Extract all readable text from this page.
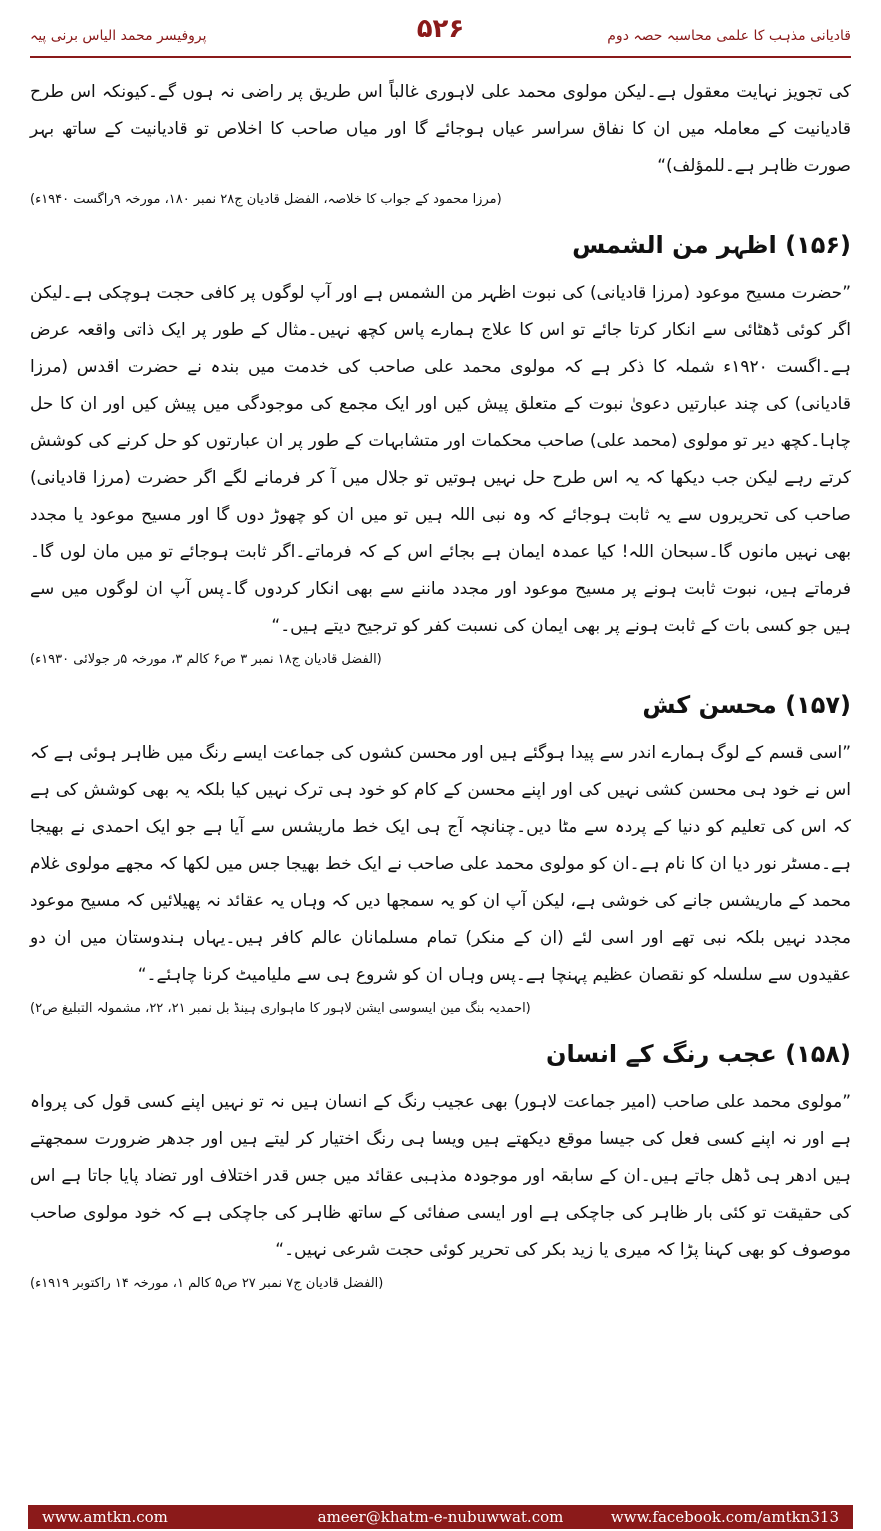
۵۲۶	قادیانی مذہب کا علمی محاسبہ حصہ دوم
پروفیسر محمد الیاس برنی پیہ

کی تجویز نہایت معقول ہے۔لیکن مولوی محمد علی لاہوری غالباً اس طریق پر راضی نہ ہوں گے۔کیونکہ اس طرح قادیانیت کے معاملہ میں ان کا نفاق سراسر عیاں ہوجائے گا اور میاں صاحب کا اخلاص تو قادیانیت کے ساتھ بہر صورت ظاہر ہے۔للمؤلف)“

(مرزا محمود کے جواب کا خلاصہ، الفضل قادیان ج۲۸ نمبر ۱۸۰، مورخہ ۹راگست ۱۹۴۰ء)

(۱۵۶) اظہر من الشمس

”حضرت مسیح موعود (مرزا قادیانی) کی نبوت اظہر من الشمس ہے اور آپ لوگوں پر کافی حجت ہوچکی ہے۔لیکن اگر کوئی ڈھٹائی سے انکار کرتا جائے تو اس کا علاج ہمارے پاس کچھ نہیں۔مثال کے طور پر ایک ذاتی واقعہ عرض ہے۔اگست ۱۹۲۰ء شملہ کا ذکر ہے کہ مولوی محمد علی صاحب کی خدمت میں بندہ نے حضرت اقدس (مرزا قادیانی) کی چند عبارتیں دعویٰ نبوت کے متعلق پیش کیں اور ایک مجمع کی موجودگی میں پیش کیں اور ان کا حل چاہا۔کچھ دیر تو مولوی (محمد علی) صاحب محکمات اور متشابہات کے طور پر ان عبارتوں کو حل کرنے کی کوشش کرتے رہے لیکن جب دیکھا کہ یہ اس طرح حل نہیں ہوتیں تو جلال میں آ کر فرمانے لگے اگر حضرت (مرزا قادیانی) صاحب کی تحریروں سے یہ ثابت ہوجائے کہ وہ نبی اللہ ہیں تو میں ان کو چھوڑ دوں گا اور مسیح موعود یا مجدد بھی نہیں مانوں گا۔سبحان اللہ! کیا عمدہ ایمان ہے بجائے اس کے کہ فرماتے۔اگر ثابت ہوجائے تو میں مان لوں گا۔فرماتے ہیں، نبوت ثابت ہونے پر مسیح موعود اور مجدد ماننے سے بھی انکار کردوں گا۔پس آپ ان لوگوں میں سے ہیں جو کسی بات کے ثابت ہونے پر بھی ایمان کی نسبت کفر کو ترجیح دیتے ہیں۔“

(الفضل قادیان ج۱۸ نمبر ۳ ص۶ کالم ۳، مورخہ ۵ر جولائی ۱۹۳۰ء)

(۱۵۷) محسن کش

”اسی قسم کے لوگ ہمارے اندر سے پیدا ہوگئے ہیں اور محسن کشوں کی جماعت ایسے رنگ میں ظاہر ہوئی ہے کہ اس نے خود ہی محسن کشی نہیں کی اور اپنے محسن کے کام کو خود ہی ترک نہیں کیا بلکہ یہ بھی کوشش کی ہے کہ اس کی تعلیم کو دنیا کے پردہ سے مٹا دیں۔چنانچہ آج ہی ایک خط ماریشس سے آیا ہے جو ایک احمدی نے بھیجا ہے۔مسٹر نور دیا ان کا نام ہے۔ان کو مولوی محمد علی صاحب نے ایک خط بھیجا جس میں لکھا کہ مجھے مولوی غلام محمد کے ماریشس جانے کی خوشی ہے، لیکن آپ ان کو یہ سمجھا دیں کہ وہاں یہ عقائد نہ پھیلائیں کہ مسیح موعود مجدد نہیں بلکہ نبی تھے اور اسی لئے (ان کے منکر) تمام مسلمانان عالم کافر ہیں۔یہاں ہندوستان میں ان دو عقیدوں سے سلسلہ کو نقصان عظیم پہنچا ہے۔پس وہاں ان کو شروع ہی سے ملیامیٹ کرنا چاہئے۔“

(احمدیہ بنگ مین ایسوسی ایشن لاہور کا ماہواری ہینڈ بل نمبر ۲۱، ۲۲، مشمولہ التبلیغ ص۲)

(۱۵۸) عجب رنگ کے انسان

”مولوی محمد علی صاحب (امیر جماعت لاہور) بھی عجیب رنگ کے انسان ہیں نہ تو نہیں اپنے کسی قول کی پرواہ ہے اور نہ اپنے کسی فعل کی جیسا موقع دیکھتے ہیں ویسا ہی رنگ اختیار کر لیتے ہیں اور جدھر ضرورت سمجھتے ہیں ادھر ہی ڈھل جاتے ہیں۔ان کے سابقہ اور موجودہ مذہبی عقائد میں جس قدر اختلاف اور تضاد پایا جاتا ہے اس کی حقیقت تو کئی بار ظاہر کی جاچکی ہے اور ایسی صفائی کے ساتھ ظاہر کی جاچکی ہے کہ خود مولوی صاحب موصوف کو بھی کہنا پڑا کہ میری یا زید بکر کی تحریر کوئی حجت شرعی نہیں۔“

(الفضل قادیان ج۷ نمبر ۲۷ ص۵ کالم ۱، مورخہ ۱۴ راکتوبر ۱۹۱۹ء)

www.amtkn.com	ameer@khatm-e-nubuwwat.com	www.facebook.com/amtkn313
